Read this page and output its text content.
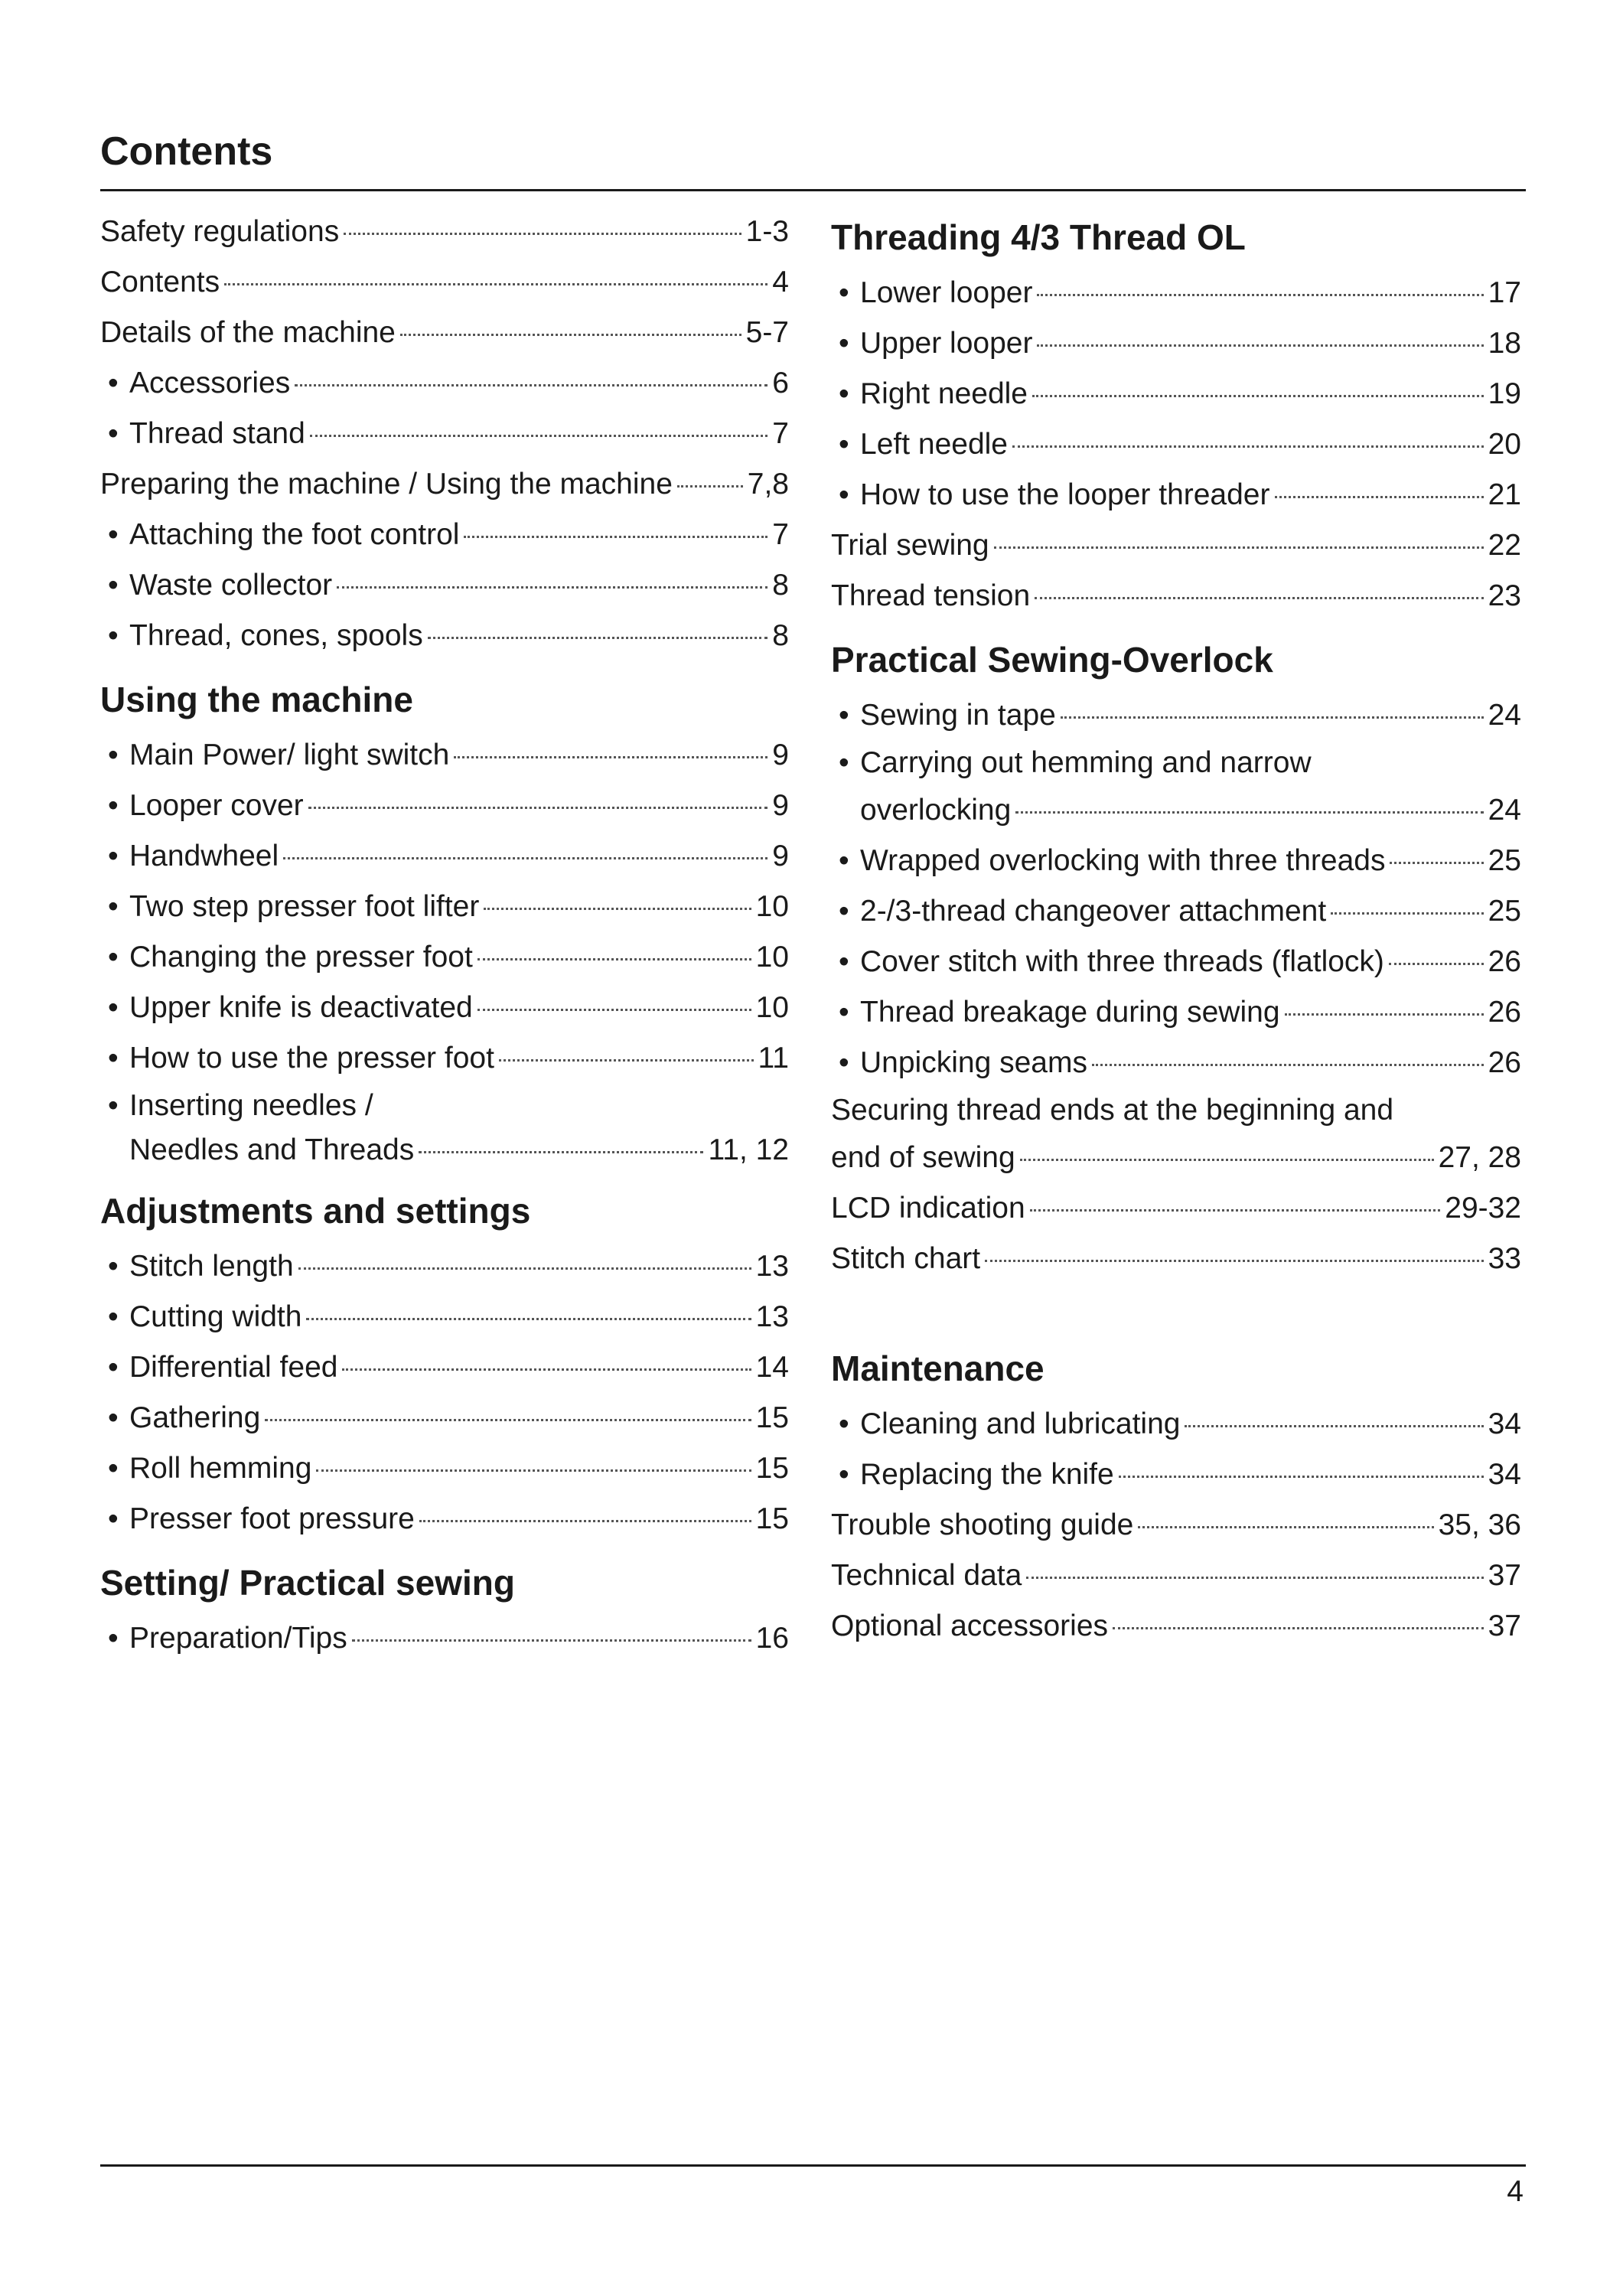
Contents
Safety regulations	1-3
Contents	4
Details of the machine	5-7
• Accessories	6
• Thread stand	7
Preparing the machine / Using the machine	7,8
• Attaching the foot control	7
• Waste collector	8
• Thread, cones, spools	8
Using the machine
• Main Power/ light switch	9
• Looper cover	9
• Handwheel	9
• Two step presser foot lifter	10
• Changing the presser foot	10
• Upper knife is deactivated	10
• How to use the presser foot	11
• Inserting needles /
Needles and Threads	11, 12
Adjustments and settings
• Stitch length	13
• Cutting width	13
• Differential feed	14
• Gathering	15
• Roll hemming	15
• Presser foot pressure	15
Setting/ Practical sewing
• Preparation/Tips	16
Threading 4/3 Thread OL
• Lower looper	17
• Upper looper	18
• Right needle	19
• Left needle	20
• How to use the looper threader	21
Trial sewing	22
Thread tension	23
Practical Sewing-Overlock
• Sewing in tape	24
• Carrying out hemming and narrow
overlocking	24
• Wrapped overlocking with three threads	25
• 2-/3-thread changeover attachment	25
• Cover stitch with three threads (flatlock)	26
• Thread breakage during sewing	26
• Unpicking seams	26
Securing thread ends at the beginning and
end of sewing	27, 28
LCD indication	29-32
Stitch chart	33
Maintenance
• Cleaning and lubricating	34
• Replacing the knife	34
Trouble shooting guide	35, 36
Technical data	37
Optional accessories	37
4
